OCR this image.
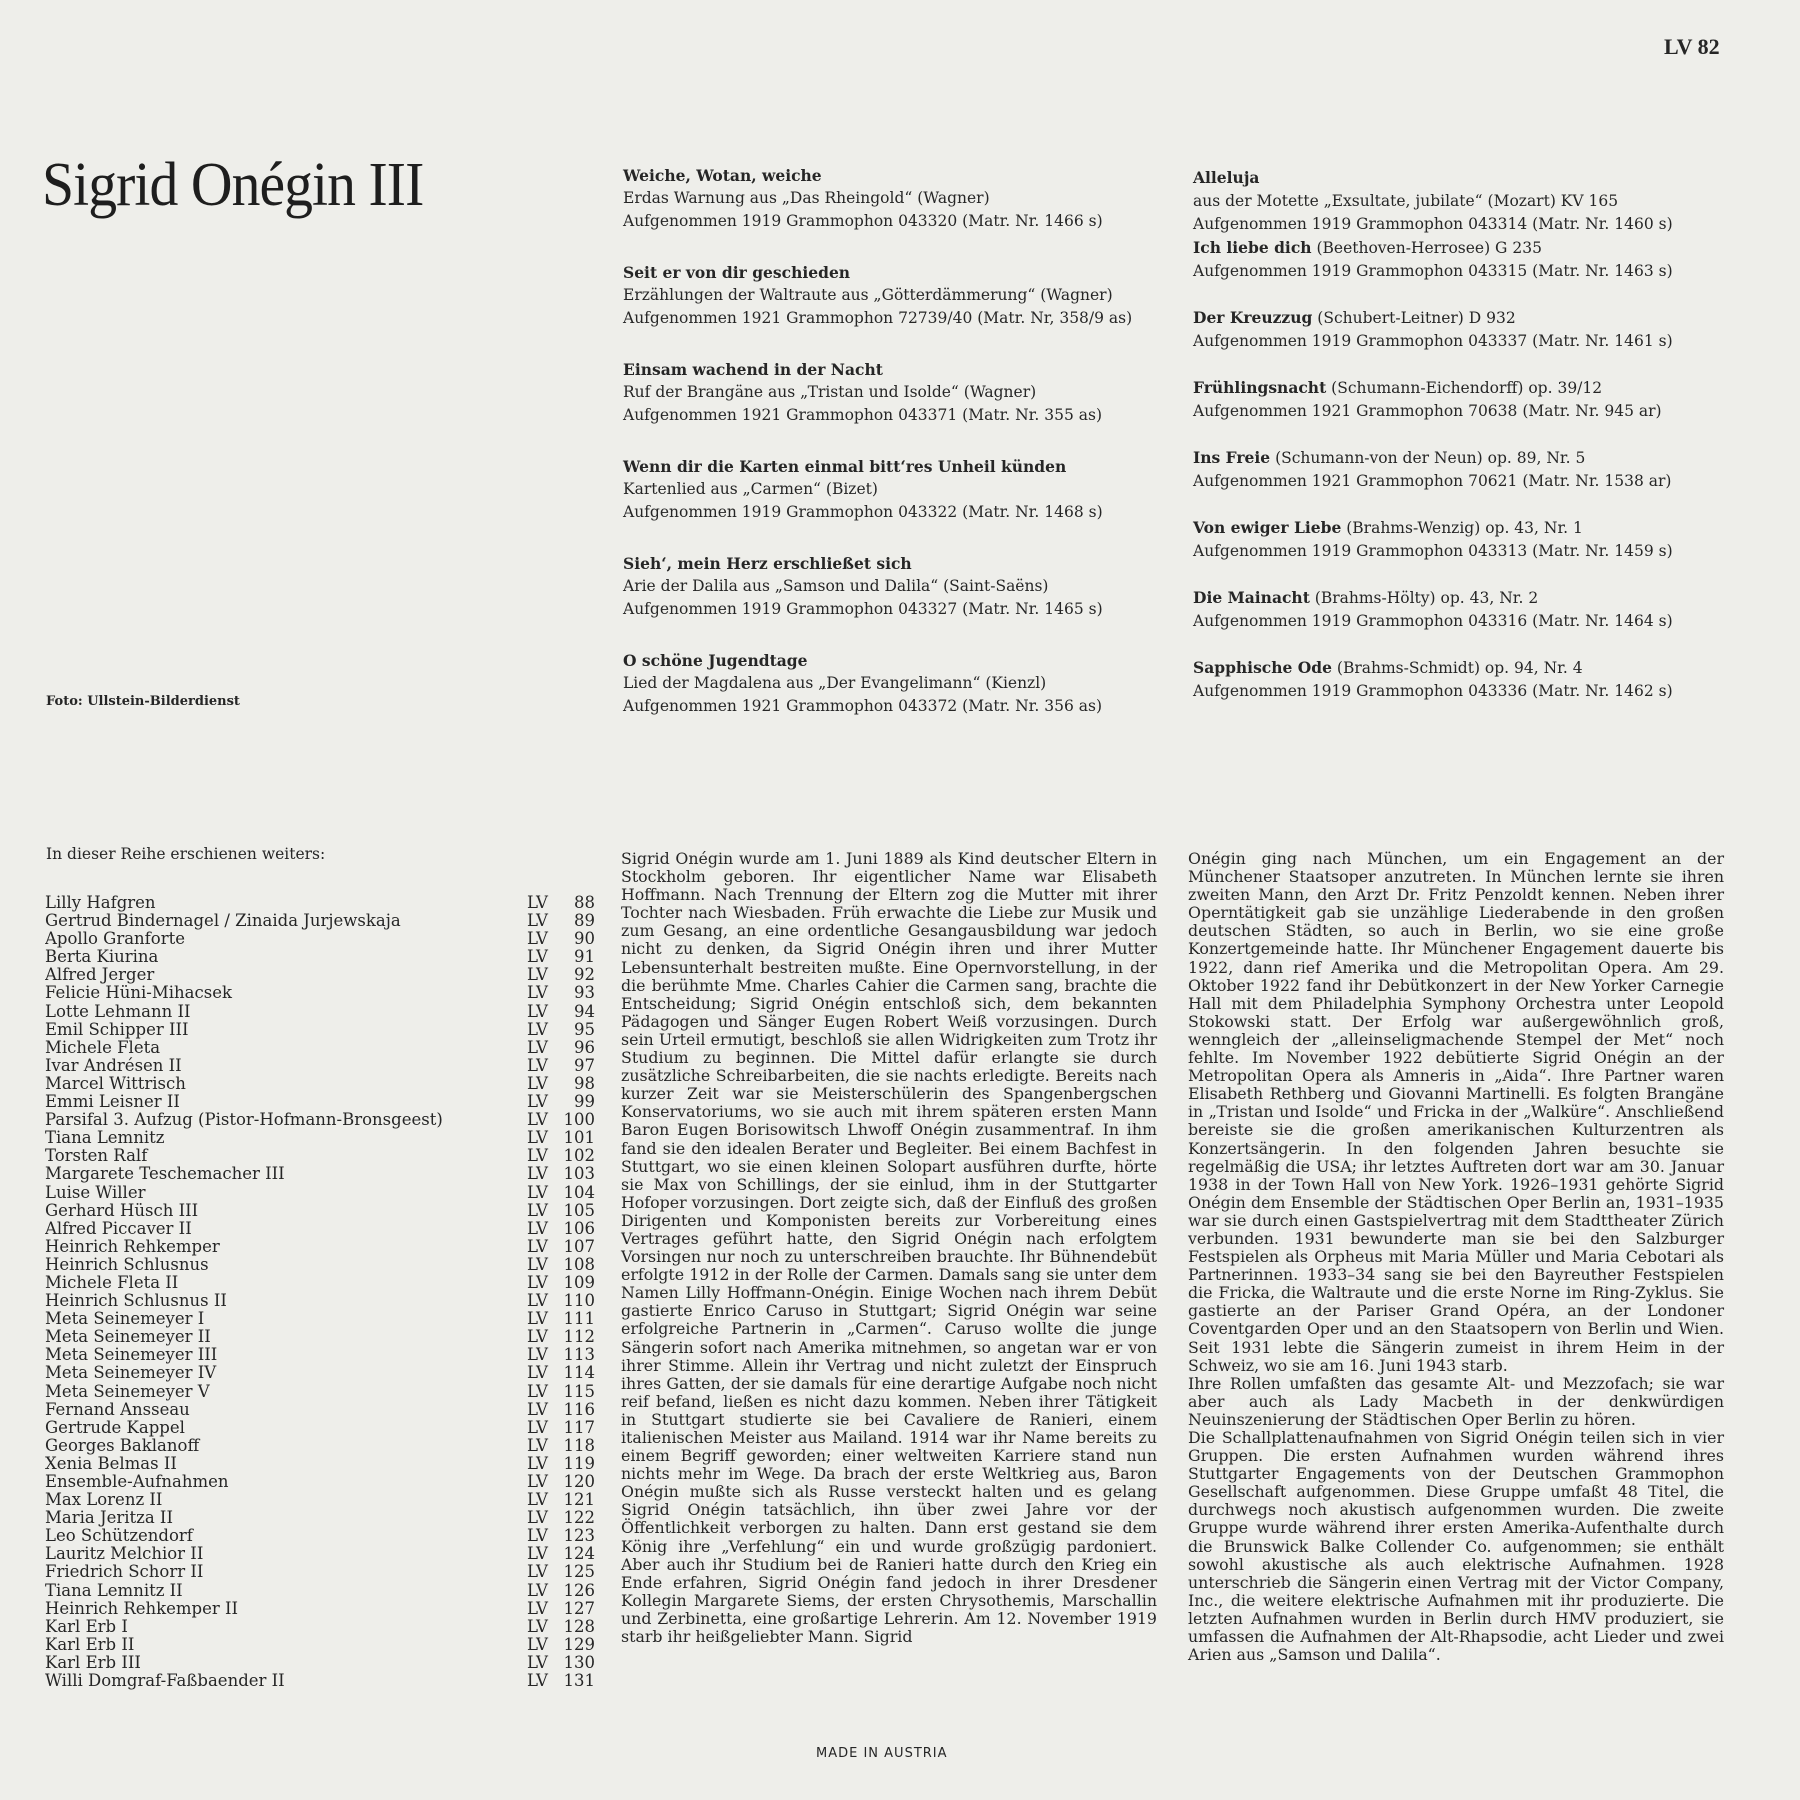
LV 82
Sigrid Onégin III
Foto: Ullstein-Bilderdienst
Weiche, Wotan, weiche
Erdas Warnung aus „Das Rheingold“ (Wagner)
Aufgenommen 1919 Grammophon 043320 (Matr. Nr. 1466 s)
Seit er von dir geschieden
Erzählungen der Waltraute aus „Götterdämmerung“ (Wagner)
Aufgenommen 1921 Grammophon 72739/40 (Matr. Nr, 358/9 as)
Einsam wachend in der Nacht
Ruf der Brangäne aus „Tristan und Isolde“ (Wagner)
Aufgenommen 1921 Grammophon 043371 (Matr. Nr. 355 as)
Wenn dir die Karten einmal bitt‘res Unheil künden
Kartenlied aus „Carmen“ (Bizet)
Aufgenommen 1919 Grammophon 043322 (Matr. Nr. 1468 s)
Sieh‘, mein Herz erschließet sich
Arie der Dalila aus „Samson und Dalila“ (Saint-Saëns)
Aufgenommen 1919 Grammophon 043327 (Matr. Nr. 1465 s)
O schöne Jugendtage
Lied der Magdalena aus „Der Evangelimann“ (Kienzl)
Aufgenommen 1921 Grammophon 043372 (Matr. Nr. 356 as)
Alleluja
aus der Motette „Exsultate, jubilate“ (Mozart) KV 165
Aufgenommen 1919 Grammophon 043314 (Matr. Nr. 1460 s)
Ich liebe dich (Beethoven-Herrosee) G 235
Aufgenommen 1919 Grammophon 043315 (Matr. Nr. 1463 s)
Der Kreuzzug (Schubert-Leitner) D 932
Aufgenommen 1919 Grammophon 043337 (Matr. Nr. 1461 s)
Frühlingsnacht (Schumann-Eichendorff) op. 39/12
Aufgenommen 1921 Grammophon 70638 (Matr. Nr. 945 ar)
Ins Freie (Schumann-von der Neun) op. 89, Nr. 5
Aufgenommen 1921 Grammophon 70621 (Matr. Nr. 1538 ar)
Von ewiger Liebe (Brahms-Wenzig) op. 43, Nr. 1
Aufgenommen 1919 Grammophon 043313 (Matr. Nr. 1459 s)
Die Mainacht (Brahms-Hölty) op. 43, Nr. 2
Aufgenommen 1919 Grammophon 043316 (Matr. Nr. 1464 s)
Sapphische Ode (Brahms-Schmidt) op. 94, Nr. 4
Aufgenommen 1919 Grammophon 043336 (Matr. Nr. 1462 s)
In dieser Reihe erschienen weiters:
Lilly Hafgren	LV	88
Gertrud Bindernagel / Zinaida Jurjewskaja	LV	89
Apollo Granforte	LV	90
Berta Kiurina	LV	91
Alfred Jerger	LV	92
Felicie Hüni-Mihacsek	LV	93
Lotte Lehmann II	LV	94
Emil Schipper III	LV	95
Michele Fleta	LV	96
Ivar Andrésen II	LV	97
Marcel Wittrisch	LV	98
Emmi Leisner II	LV	99
Parsifal 3. Aufzug (Pistor-Hofmann-Bronsgeest)	LV 100
Tiana Lemnitz	LV 101
Torsten Ralf	LV 102
Margarete Teschemacher III	LV 103
Luise Willer	LV 104
Gerhard Hüsch III	LV 105
Alfred Piccaver II	LV 106
Heinrich Rehkemper	LV 107
Heinrich Schlusnus	LV 108
Michele Fleta II	LV 109
Heinrich Schlusnus II	LV 110
Meta Seinemeyer I	LV 111
Meta Seinemeyer II	LV 112
Meta Seinemeyer III	LV 113
Meta Seinemeyer IV	LV 114
Meta Seinemeyer V	LV 115
Fernand Ansseau	LV 116
Gertrude Kappel	LV 117
Georges Baklanoff	LV 118
Xenia Belmas II	LV 119
Ensemble-Aufnahmen	LV 120
Max Lorenz II	LV 121
Maria Jeritza II	LV 122
Leo Schützendorf	LV 123
Lauritz Melchior II	LV 124
Friedrich Schorr II	LV 125
Tiana Lemnitz II	LV 126
Heinrich Rehkemper II	LV 127
Karl Erb I	LV 128
Karl Erb II	LV 129
Karl Erb III	LV 130
Willi Domgraf-Faßbaender II	LV 131

Sigrid Onégin wurde am 1. Juni 1889 als Kind deutscher Eltern in Stockholm geboren. Ihr eigentlicher Name war Elisabeth Hoffmann. Nach Trennung der Eltern zog die Mutter mit ihrer Tochter nach Wiesbaden. Früh erwachte die Liebe zur Musik und zum Gesang, an eine ordentliche Gesangausbildung war jedoch nicht zu denken, da Sigrid Onégin ihren und ihrer Mutter Lebensunterhalt bestreiten mußte. Eine Opernvorstellung, in der die berühmte Mme. Charles Cahier die Carmen sang, brachte die Entscheidung; Sigrid Onégin entschloß sich, dem bekannten Pädagogen und Sänger Eugen Robert Weiß vorzusingen. Durch sein Urteil ermutigt, beschloß sie allen Widrigkeiten zum Trotz ihr Studium zu beginnen. Die Mittel dafür erlangte sie durch zusätzliche Schreibarbeiten, die sie nachts erledigte. Bereits nach kurzer Zeit war sie Meisterschülerin des Spangenbergschen Konservatoriums, wo sie auch mit ihrem späteren ersten Mann Baron Eugen Borisowitsch Lhwoff Onégin zusammentraf. In ihm fand sie den idealen Berater und Begleiter. Bei einem Bachfest in Stuttgart, wo sie einen kleinen Solopart ausführen durfte, hörte sie Max von Schillings, der sie einlud, ihm in der Stuttgarter Hofoper vorzusingen. Dort zeigte sich, daß der Einfluß des großen Dirigenten und Komponisten bereits zur Vorbereitung eines Vertrages geführt hatte, den Sigrid Onégin nach erfolgtem Vorsingen nur noch zu unterschreiben brauchte. Ihr Bühnendebüt erfolgte 1912 in der Rolle der Carmen. Damals sang sie unter dem Namen Lilly Hoffmann-Onégin. Einige Wochen nach ihrem Debüt gastierte Enrico Caruso in Stuttgart; Sigrid Onégin war seine erfolgreiche Partnerin in „Carmen“. Caruso wollte die junge Sängerin sofort nach Amerika mitnehmen, so angetan war er von ihrer Stimme. Allein ihr Vertrag und nicht zuletzt der Einspruch ihres Gatten, der sie damals für eine derartige Aufgabe noch nicht reif befand, ließen es nicht dazu kommen. Neben ihrer Tätigkeit in Stuttgart studierte sie bei Cavaliere de Ranieri, einem italienischen Meister aus Mailand. 1914 war ihr Name bereits zu einem Begriff geworden; einer weltweiten Karriere stand nun nichts mehr im Wege. Da brach der erste Weltkrieg aus, Baron Onégin mußte sich als Russe versteckt halten und es gelang Sigrid Onégin tatsächlich, ihn über zwei Jahre vor der Öffentlichkeit verborgen zu halten. Dann erst gestand sie dem König ihre „Verfehlung“ ein und wurde großzügig pardoniert. Aber auch ihr Studium bei de Ranieri hatte durch den Krieg ein Ende erfahren, Sigrid Onégin fand jedoch in ihrer Dresdener Kollegin Margarete Siems, der ersten Chrysothemis, Marschallin und Zerbinetta, eine großartige Lehrerin. Am 12. November 1919 starb ihr heißgeliebter Mann. Sigrid

Onégin ging nach München, um ein Engagement an der Münchener Staatsoper anzutreten. In München lernte sie ihren zweiten Mann, den Arzt Dr. Fritz Penzoldt kennen. Neben ihrer Operntätigkeit gab sie unzählige Liederabende in den großen deutschen Städten, so auch in Berlin, wo sie eine große Konzertgemeinde hatte. Ihr Münchener Engagement dauerte bis 1922, dann rief Amerika und die Metropolitan Opera. Am 29. Oktober 1922 fand ihr Debütkonzert in der New Yorker Carnegie Hall mit dem Philadelphia Symphony Orchestra unter Leopold Stokowski statt. Der Erfolg war außergewöhnlich groß, wenngleich der „alleinseligmachende Stempel der Met“ noch fehlte. Im November 1922 debütierte Sigrid Onégin an der Metropolitan Opera als Amneris in „Aida“. Ihre Partner waren Elisabeth Rethberg und Giovanni Martinelli. Es folgten Brangäne in „Tristan und Isolde“ und Fricka in der „Walküre“. Anschließend bereiste sie die großen amerikanischen Kulturzentren als Konzertsängerin. In den folgenden Jahren besuchte sie regelmäßig die USA; ihr letztes Auftreten dort war am 30. Januar 1938 in der Town Hall von New York. 1926–1931 gehörte Sigrid Onégin dem Ensemble der Städtischen Oper Berlin an, 1931–1935 war sie durch einen Gastspielvertrag mit dem Stadttheater Zürich verbunden. 1931 bewunderte man sie bei den Salzburger Festspielen als Orpheus mit Maria Müller und Maria Cebotari als Partnerinnen. 1933–34 sang sie bei den Bayreuther Festspielen die Fricka, die Waltraute und die erste Norne im Ring-Zyklus. Sie gastierte an der Pariser Grand Opéra, an der Londoner Coventgarden Oper und an den Staatsopern von Berlin und Wien. Seit 1931 lebte die Sängerin zumeist in ihrem Heim in der Schweiz, wo sie am 16. Juni 1943 starb.

Ihre Rollen umfaßten das gesamte Alt- und Mezzofach; sie war aber auch als Lady Macbeth in der denkwürdigen Neuinszenierung der Städtischen Oper Berlin zu hören.

Die Schallplattenaufnahmen von Sigrid Onégin teilen sich in vier Gruppen. Die ersten Aufnahmen wurden während ihres Stuttgarter Engagements von der Deutschen Grammophon Gesellschaft aufgenommen. Diese Gruppe umfaßt 48 Titel, die durchwegs noch akustisch aufgenommen wurden. Die zweite Gruppe wurde während ihrer ersten Amerika-Aufenthalte durch die Brunswick Balke Collender Co. aufgenommen; sie enthält sowohl akustische als auch elektrische Aufnahmen. 1928 unterschrieb die Sängerin einen Vertrag mit der Victor Company, Inc., die weitere elektrische Aufnahmen mit ihr produzierte. Die letzten Aufnahmen wurden in Berlin durch HMV produziert, sie umfassen die Aufnahmen der Alt-Rhapsodie, acht Lieder und zwei Arien aus „Samson und Dalila“.

MADE IN AUSTRIA
